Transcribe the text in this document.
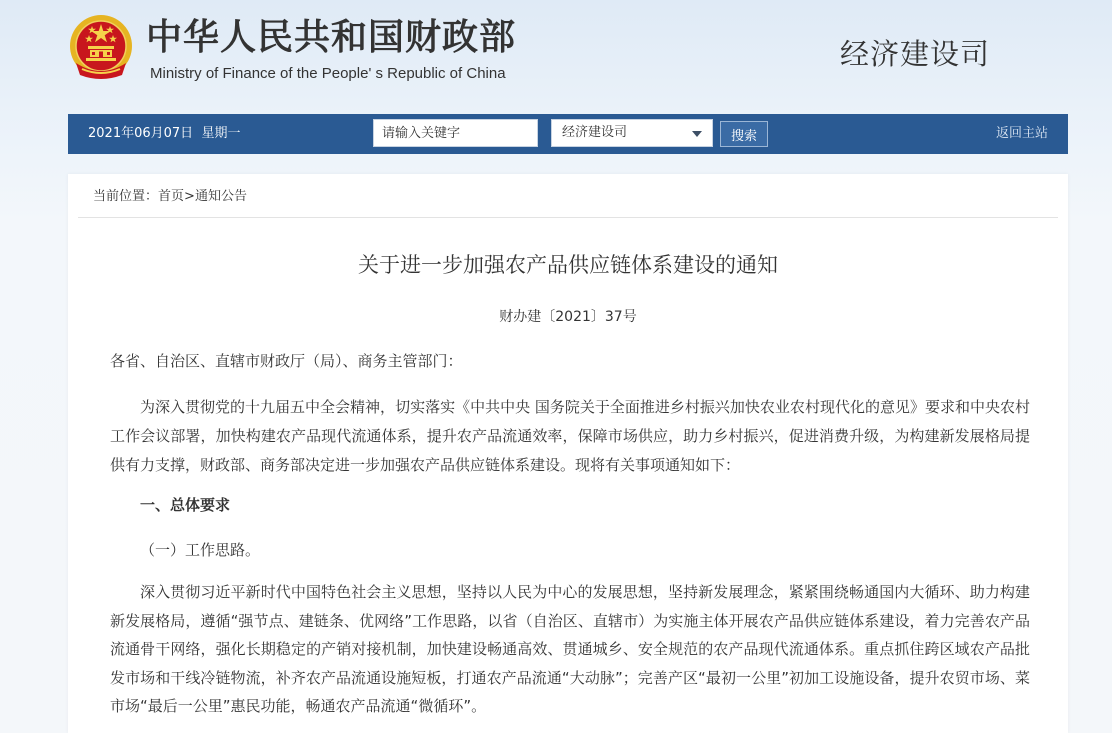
中华人民共和国财政部
Ministry of Finance of the People' s Republic of China
经济建设司
2021年06月07日 星期一
请输入关键字	经济建设司	搜索	返回主站
当前位置：首页>通知公告
关于进一步加强农产品供应链体系建设的通知
财办建〔2021〕37号
各省、自治区、直辖市财政厅（局）、商务主管部门：

为深入贯彻党的十九届五中全会精神，切实落实《中共中央 国务院关于全面推进乡村振兴加快农业农村现代化的意见》要求和中央农村工作会议部署，加快构建农产品现代流通体系，提升农产品流通效率，保障市场供应，助力乡村振兴，促进消费升级，为构建新发展格局提供有力支撑，财政部、商务部决定进一步加强农产品供应链体系建设。现将有关事项通知如下：

一、总体要求
（一）工作思路。

深入贯彻习近平新时代中国特色社会主义思想，坚持以人民为中心的发展思想，坚持新发展理念，紧紧围绕畅通国内大循环、助力构建新发展格局，遵循“强节点、建链条、优网络”工作思路，以省（自治区、直辖市）为实施主体开展农产品供应链体系建设，着力完善农产品流通骨干网络，强化长期稳定的产销对接机制，加快建设畅通高效、贯通城乡、安全规范的农产品现代流通体系。重点抓住跨区域农产品批发市场和干线冷链物流，补齐农产品流通设施短板，打通农产品流通“大动脉”；完善产区“最初一公里”初加工设施设备，提升农贸市场、菜市场“最后一公里”惠民功能，畅通农产品流通“微循环”。
